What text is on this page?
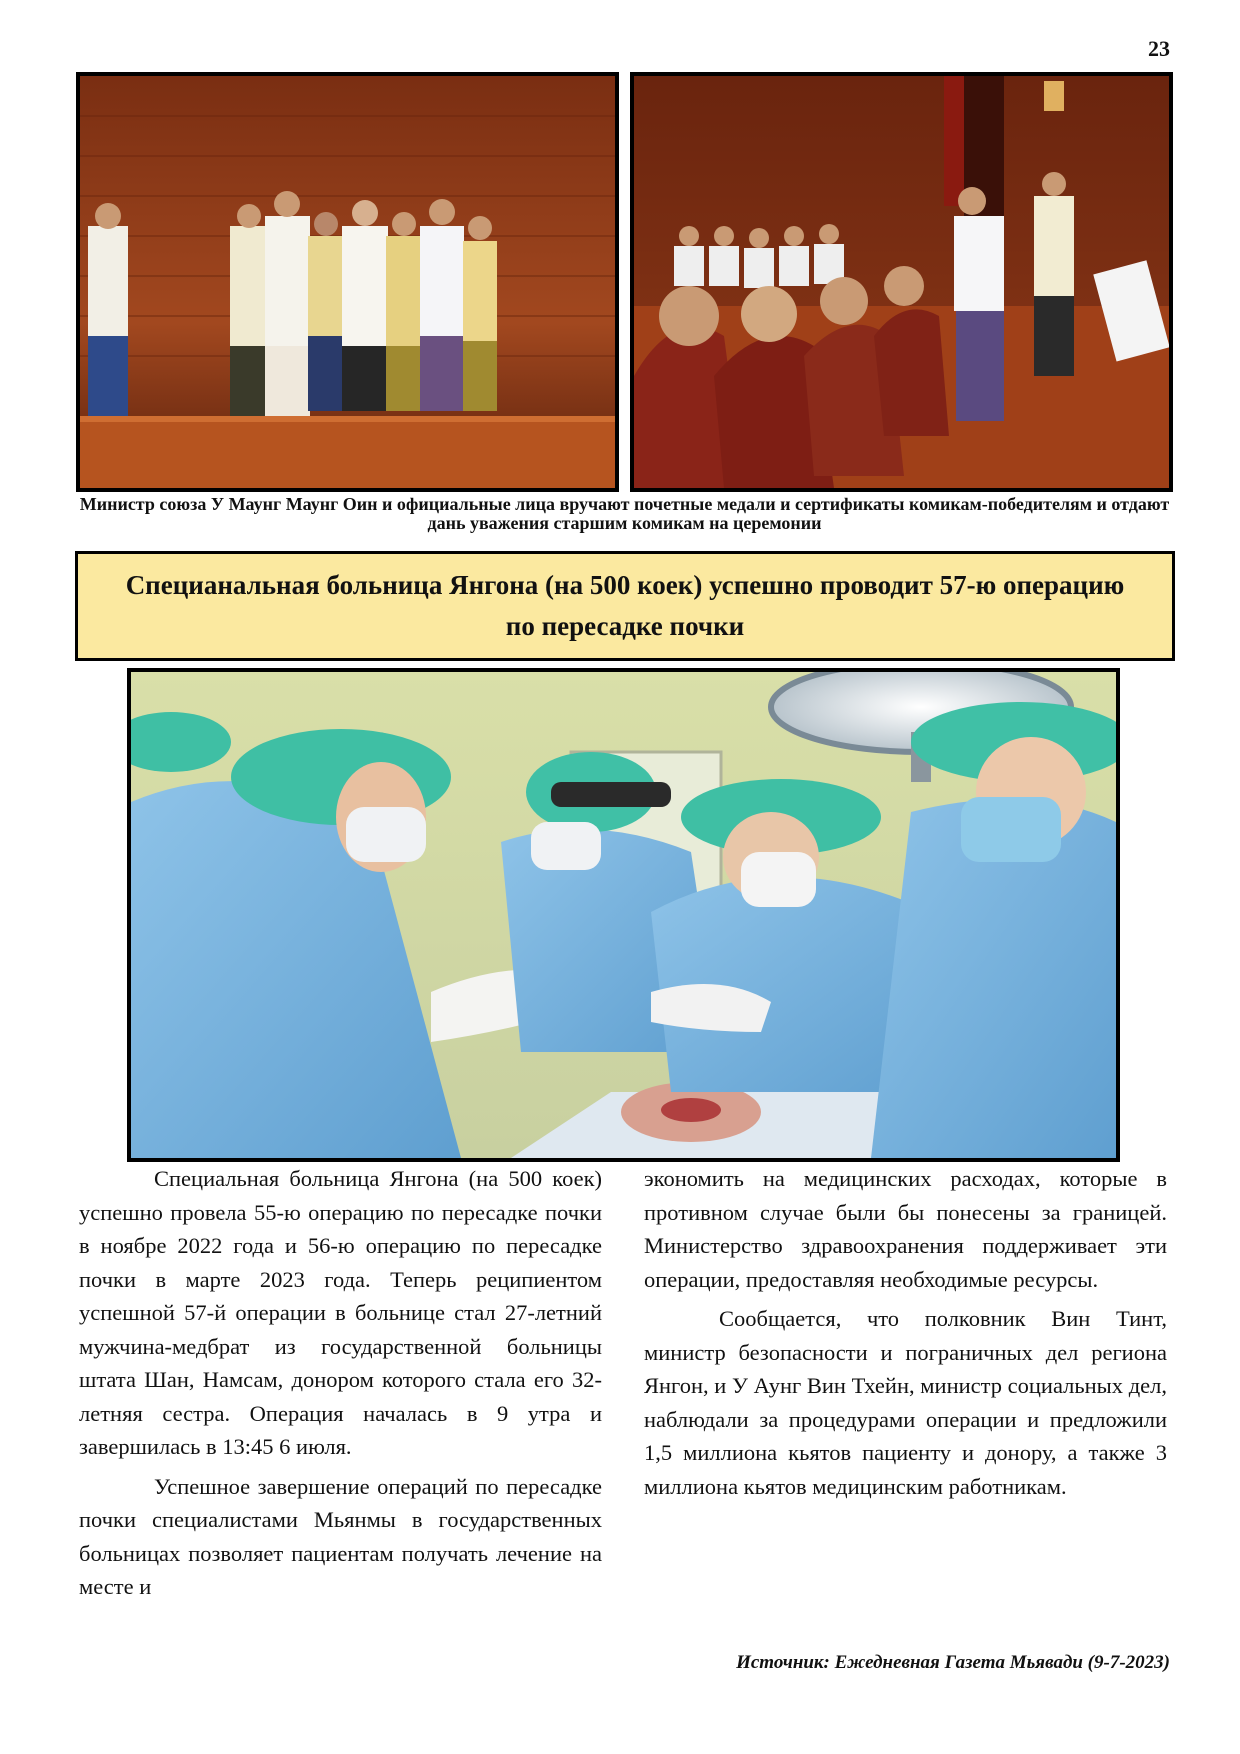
23
Министр союза У Маунг Маунг Оин и официальные лица вручают почетные медали и сертификаты комикам-победителям и отдают дань уважения старшим комикам на церемонии
Специанальная больница Янгона (на 500 коек) успешно проводит 57-ю операцию по пересадке почки

Специальная больница Янгона (на 500 коек) успешно провела 55-ю операцию по пересадке почки в ноябре 2022 года и 56-ю операцию по пересадке почки в марте 2023 года. Теперь реципиентом успешной 57-й операции в больнице стал 27-летний мужчина-медбрат из государственной больницы штата Шан, Намсам, донором которого стала его 32-летняя сестра. Операция началась в 9 утра и завершилась в 13:45 6 июля.

Успешное завершение операций по пересадке почки специалистами Мьянмы в государственных больницах позволяет пациентам получать лечение на месте и

экономить на медицинских расходах, которые в противном случае были бы понесены за границей. Министерство здравоохранения поддерживает эти операции, предоставляя необходимые ресурсы.

Сообщается, что полковник Вин Тинт, министр безопасности и пограничных дел региона Янгон, и У Аунг Вин Тхейн, министр социальных дел, наблюдали за процедурами операции и предложили 1,5 миллиона кьятов пациенту и донору, а также 3 миллиона кьятов медицинским работникам.

Источник: Ежедневная Газета Мьявади (9-7-2023)
